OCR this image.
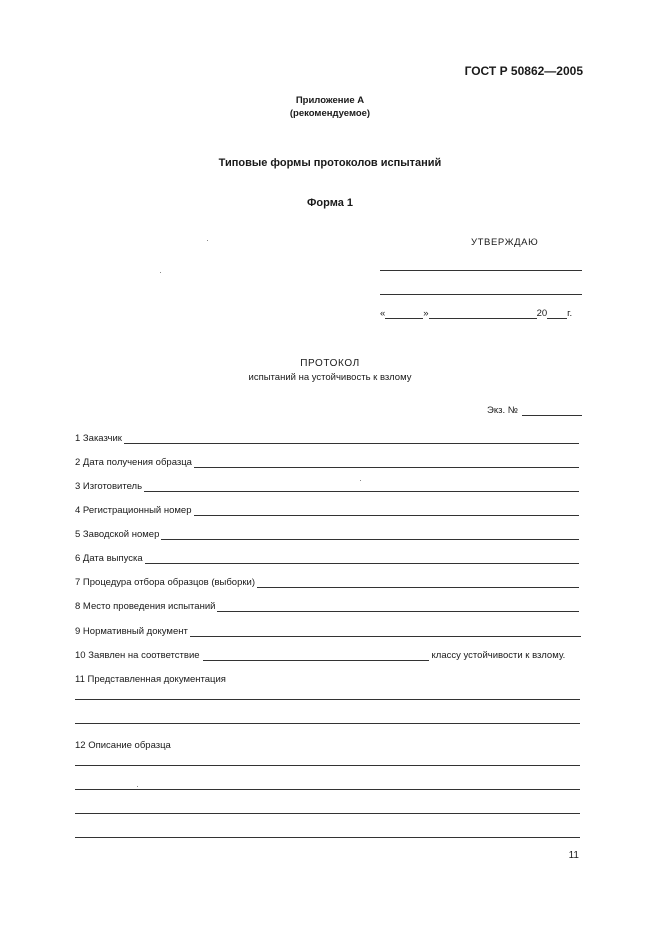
ГОСТ Р 50862—2005
Приложение А
(рекомендуемое)
Типовые формы протоколов испытаний
Форма 1
УТВЕРЖДАЮ
«	»	20 г.
ПРОТОКОЛ
испытаний на устойчивость к взлому
Экз. №
1 Заказчик
2 Дата получения образца
3 Изготовитель
4 Регистрационный номер
5 Заводской номер
6 Дата выпуска
7 Процедура отбора образцов (выборки)
8 Место проведения испытаний
9 Нормативный документ
10 Заявлен на соответствие	классу устойчивости к взлому.
11 Представленная документация
12 Описание образца
11
